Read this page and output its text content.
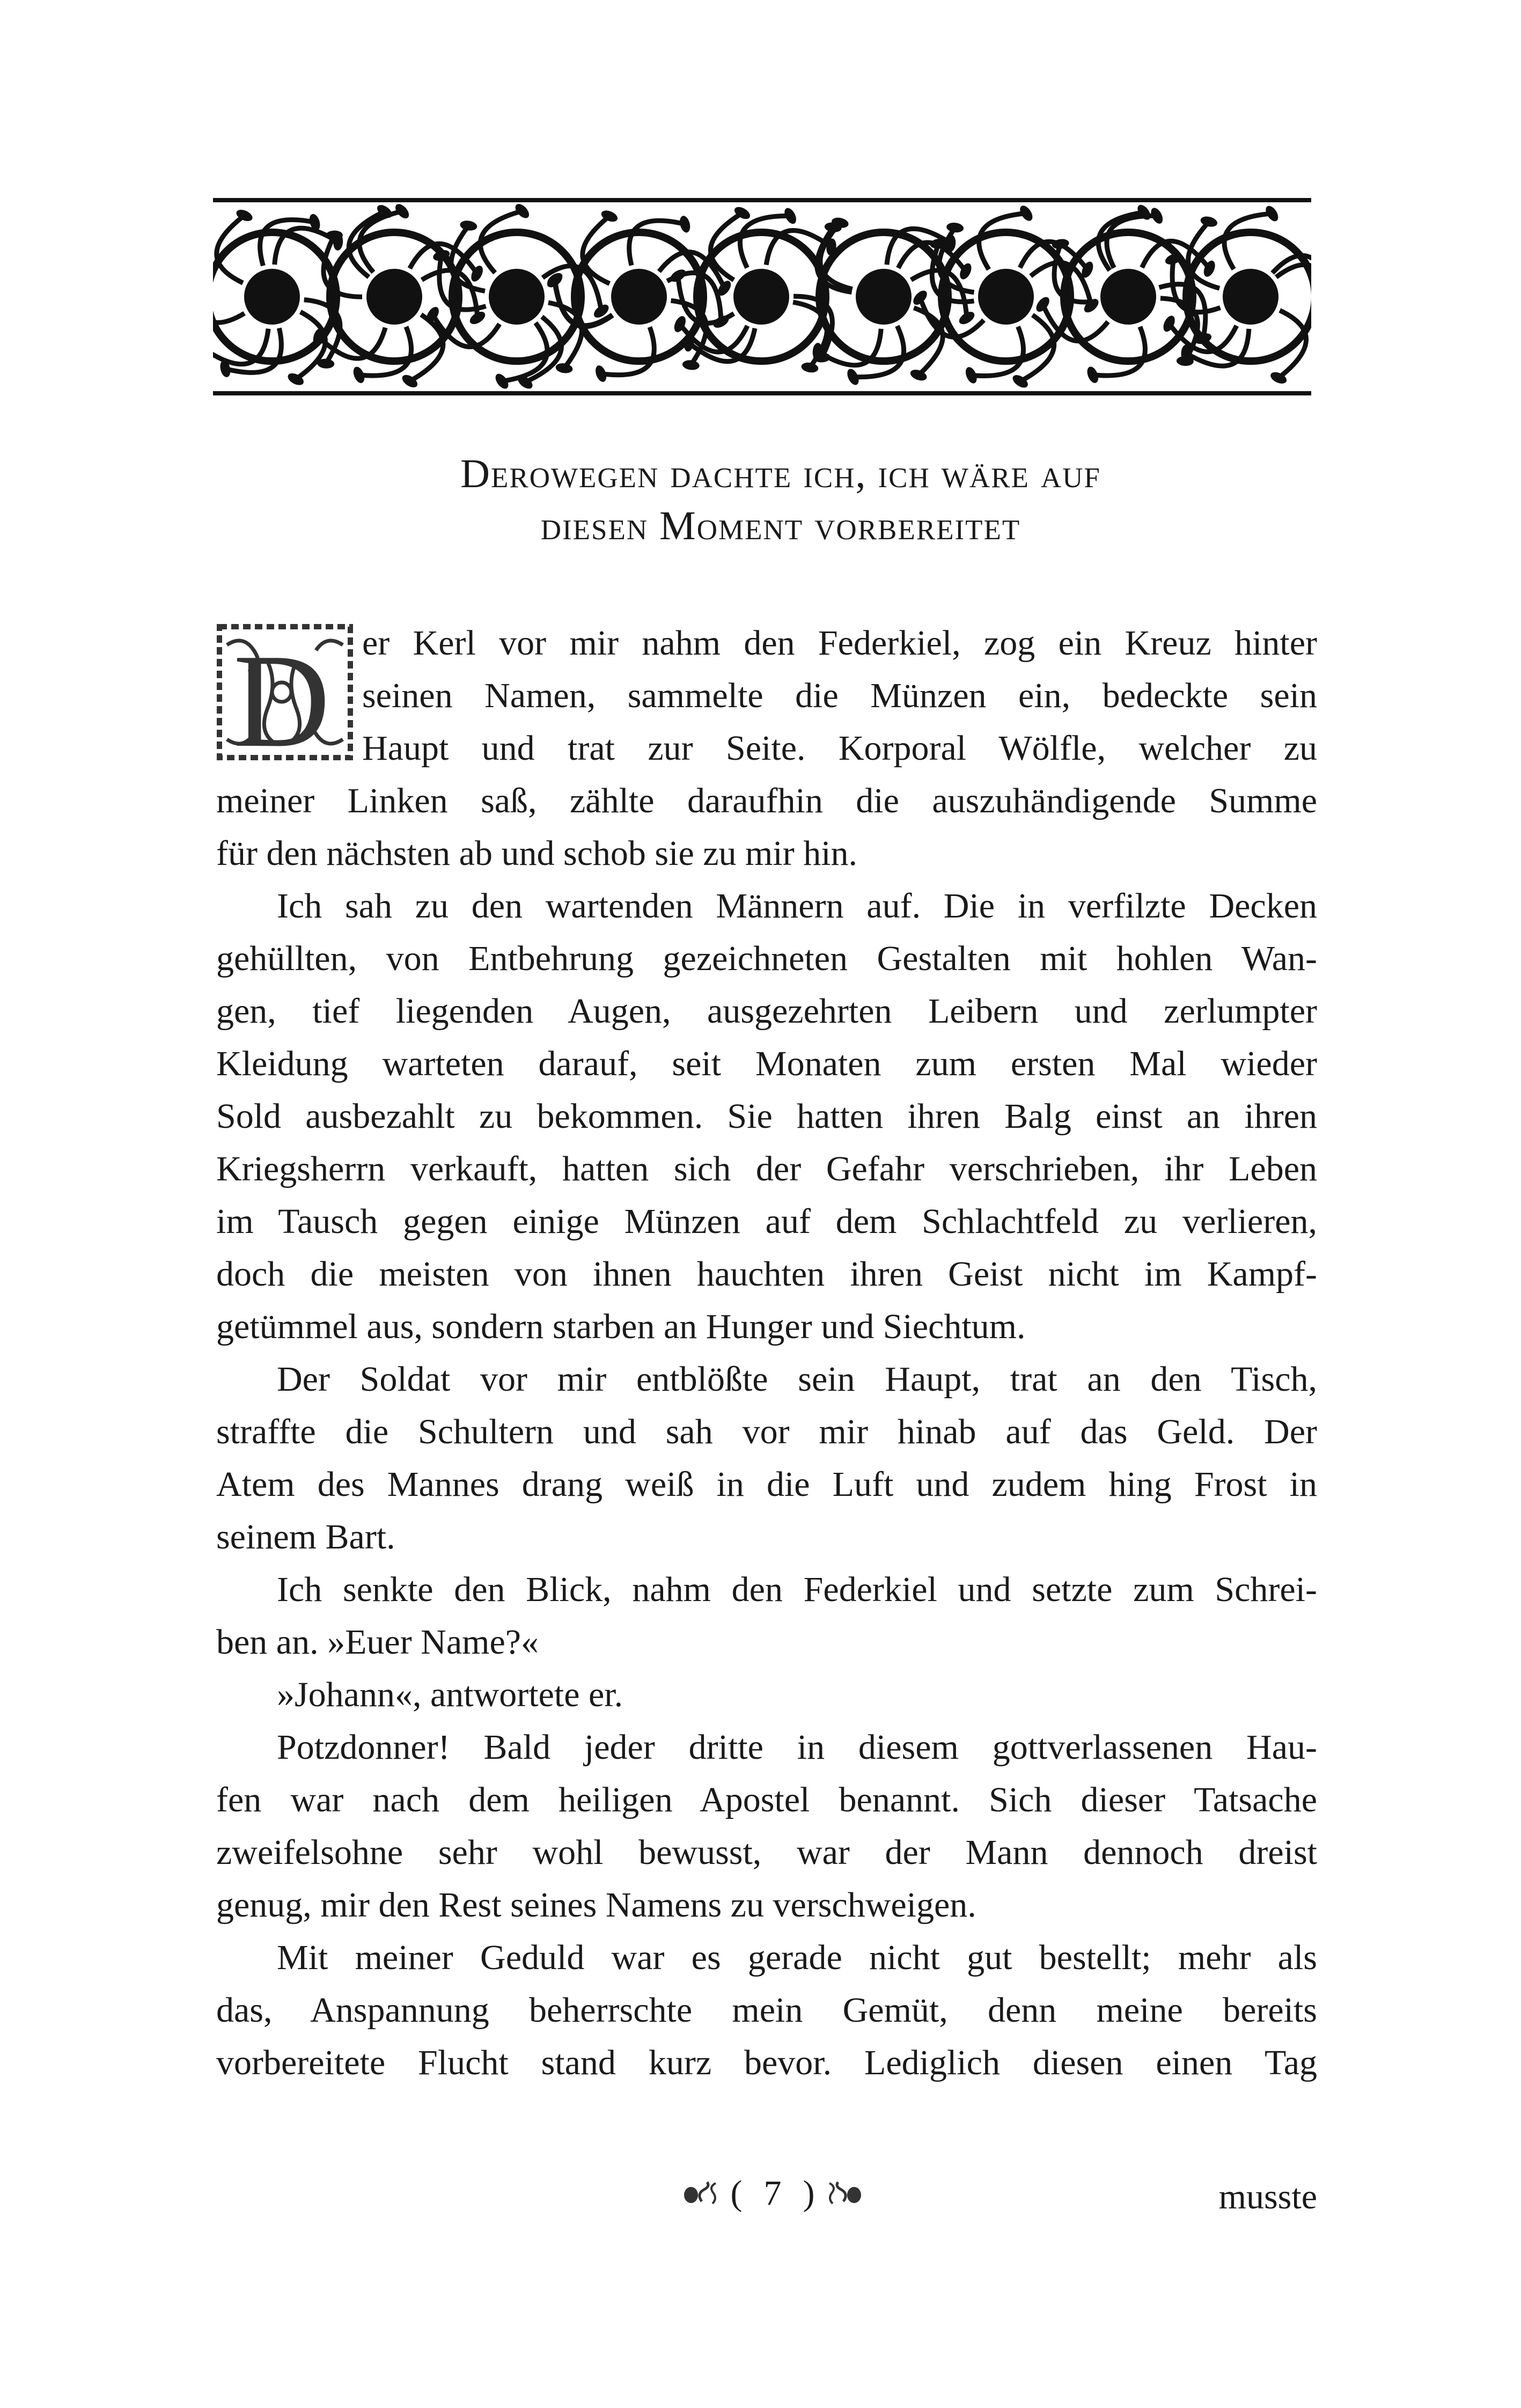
Derowegen dachte ich, ich wäre auf
diesen Moment vorbereitet
D er Kerl vor mir nahm den Federkiel, zog ein Kreuz hinter
seinen Namen, sammelte die Münzen ein, bedeckte sein
Haupt und trat zur Seite. Korporal Wölfle, welcher zu
meiner Linken saß, zählte daraufhin die auszuhändigende Summe
für den nächsten ab und schob sie zu mir hin.
Ich sah zu den wartenden Männern auf. Die in verfilzte Decken
gehüllten, von Entbehrung gezeichneten Gestalten mit hohlen Wan-
gen, tief liegenden Augen, ausgezehrten Leibern und zerlumpter
Kleidung warteten darauf, seit Monaten zum ersten Mal wieder
Sold ausbezahlt zu bekommen. Sie hatten ihren Balg einst an ihren
Kriegsherrn verkauft, hatten sich der Gefahr verschrieben, ihr Leben
im Tausch gegen einige Münzen auf dem Schlachtfeld zu verlieren,
doch die meisten von ihnen hauchten ihren Geist nicht im Kampf-
getümmel aus, sondern starben an Hunger und Siechtum.
Der Soldat vor mir entblößte sein Haupt, trat an den Tisch,
straffte die Schultern und sah vor mir hinab auf das Geld. Der
Atem des Mannes drang weiß in die Luft und zudem hing Frost in
seinem Bart.
Ich senkte den Blick, nahm den Federkiel und setzte zum Schrei-
ben an. »Euer Name?«
»Johann«, antwortete er.
Potzdonner! Bald jeder dritte in diesem gottverlassenen Hau-
fen war nach dem heiligen Apostel benannt. Sich dieser Tatsache
zweifelsohne sehr wohl bewusst, war der Mann dennoch dreist
genug, mir den Rest seines Namens zu verschweigen.
Mit meiner Geduld war es gerade nicht gut bestellt; mehr als
das, Anspannung beherrschte mein Gemüt, denn meine bereits
vorbereitete Flucht stand kurz bevor. Lediglich diesen einen Tag
( 7 )	musste
